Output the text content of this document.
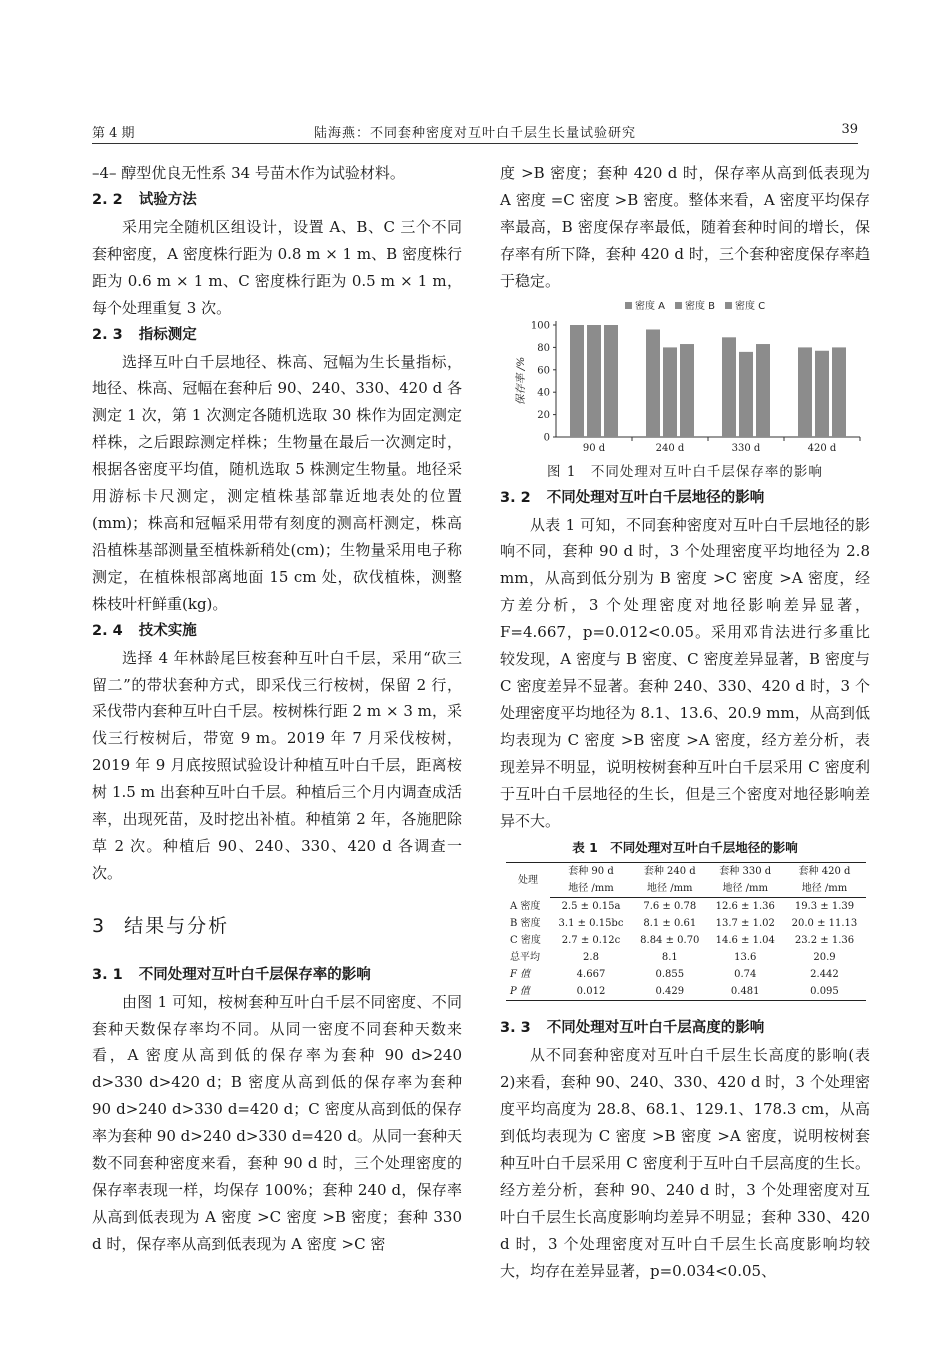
第 4 期	陆海燕：不同套种密度对互叶白千层生长量试验研究	39

–4– 醇型优良无性系 34 号苗木作为试验材料。

2. 2 试验方法

采用完全随机区组设计，设置 A、B、C 三个不同套种密度，A 密度株行距为 0.8 m × 1 m、B 密度株行距为 0.6 m × 1 m、C 密度株行距为 0.5 m × 1 m，每个处理重复 3 次。

2. 3 指标测定

选择互叶白千层地径、株高、冠幅为生长量指标，地径、株高、冠幅在套种后 90、240、330、420 d 各测定 1 次，第 1 次测定各随机选取 30 株作为固定测定样株，之后跟踪测定样株；生物量在最后一次测定时，根据各密度平均值，随机选取 5 株测定生物量。地径采用游标卡尺测定，测定植株基部靠近地表处的位置(mm)；株高和冠幅采用带有刻度的测高杆测定，株高沿植株基部测量至植株新稍处(cm)；生物量采用电子称测定，在植株根部离地面 15 cm 处，砍伐植株，测整株枝叶杆鲜重(kg)。

2. 4 技术实施

选择 4 年林龄尾巨桉套种互叶白千层，采用“砍三留二”的带状套种方式，即采伐三行桉树，保留 2 行，采伐带内套种互叶白千层。桉树株行距 2 m × 3 m，采伐三行桉树后，带宽 9 m。2019 年 7 月采伐桉树，2019 年 9 月底按照试验设计种植互叶白千层，距离桉树 1.5 m 出套种互叶白千层。种植后三个月内调查成活率，出现死苗，及时挖出补植。种植第 2 年，各施肥除草 2 次。种植后 90、240、330、420 d 各调查一次。

3 结果与分析
3. 1 不同处理对互叶白千层保存率的影响

由图 1 可知，桉树套种互叶白千层不同密度、不同套种天数保存率均不同。从同一密度不同套种天数来看，A 密度从高到低的保存率为套种 90 d>240 d>330 d>420 d；B 密度从高到低的保存率为套种 90 d>240 d>330 d=420 d；C 密度从高到低的保存率为套种 90 d>240 d>330 d=420 d。从同一套种天数不同套种密度来看，套种 90 d 时，三个处理密度的保存率表现一样，均保存 100%；套种 240 d，保存率从高到低表现为 A 密度 >C 密度 >B 密度；套种 330 d 时，保存率从高到低表现为 A 密度 >C 密

度 >B 密度；套种 420 d 时，保存率从高到低表现为 A 密度 =C 密度 >B 密度。整体来看，A 密度平均保存率最高，B 密度保存率最低，随着套种时间的增长，保存率有所下降，套种 420 d 时，三个套种密度保存率趋于稳定。

密度 A 密度 B 密度 C
0
20
40
60
80
100
保存率 /%
90 d	240 d	330 d	420 d
图 1　不同处理对互叶白千层保存率的影响
3. 2 不同处理对互叶白千层地径的影响

从表 1 可知，不同套种密度对互叶白千层地径的影响不同，套种 90 d 时，3 个处理密度平均地径为 2.8 mm，从高到低分别为 B 密度 >C 密度 >A 密度，经方差分析，3 个处理密度对地径影响差异显著，F=4.667，p=0.012<0.05。采用邓肯法进行多重比较发现，A 密度与 B 密度、C 密度差异显著，B 密度与 C 密度差异不显著。套种 240、330、420 d 时，3 个处理密度平均地径为 8.1、13.6、20.9 mm，从高到低均表现为 C 密度 >B 密度 >A 密度，经方差分析，表现差异不明显，说明桉树套种互叶白千层采用 C 密度利于互叶白千层地径的生长，但是三个密度对地径影响差异不大。

表 1　不同处理对互叶白千层地径的影响
处理	套种 90 d	套种 240 d	套种 330 d	套种 420 d
	地径 /mm	地径 /mm	地径 /mm	地径 /mm
A 密度	2.5 ± 0.15a	7.6 ± 0.78	12.6 ± 1.36	19.3 ± 1.39
B 密度	3.1 ± 0.15bc	8.1 ± 0.61	13.7 ± 1.02	20.0 ± 11.13
C 密度	2.7 ± 0.12c	8.84 ± 0.70	14.6 ± 1.04	23.2 ± 1.36
总平均	2.8	8.1	13.6	20.9
F 值	4.667	0.855	0.74	2.442
P 值	0.012	0.429	0.481	0.095
3. 3 不同处理对互叶白千层高度的影响

从不同套种密度对互叶白千层生长高度的影响(表 2)来看，套种 90、240、330、420 d 时，3 个处理密度平均高度为 28.8、68.1、129.1、178.3 cm，从高到低均表现为 C 密度 >B 密度 >A 密度，说明桉树套种互叶白千层采用 C 密度利于互叶白千层高度的生长。经方差分析，套种 90、240 d 时，3 个处理密度对互叶白千层生长高度影响均差异不明显；套种 330、420 d 时，3 个处理密度对互叶白千层生长高度影响均较大，均存在差异显著，p=0.034<0.05、
